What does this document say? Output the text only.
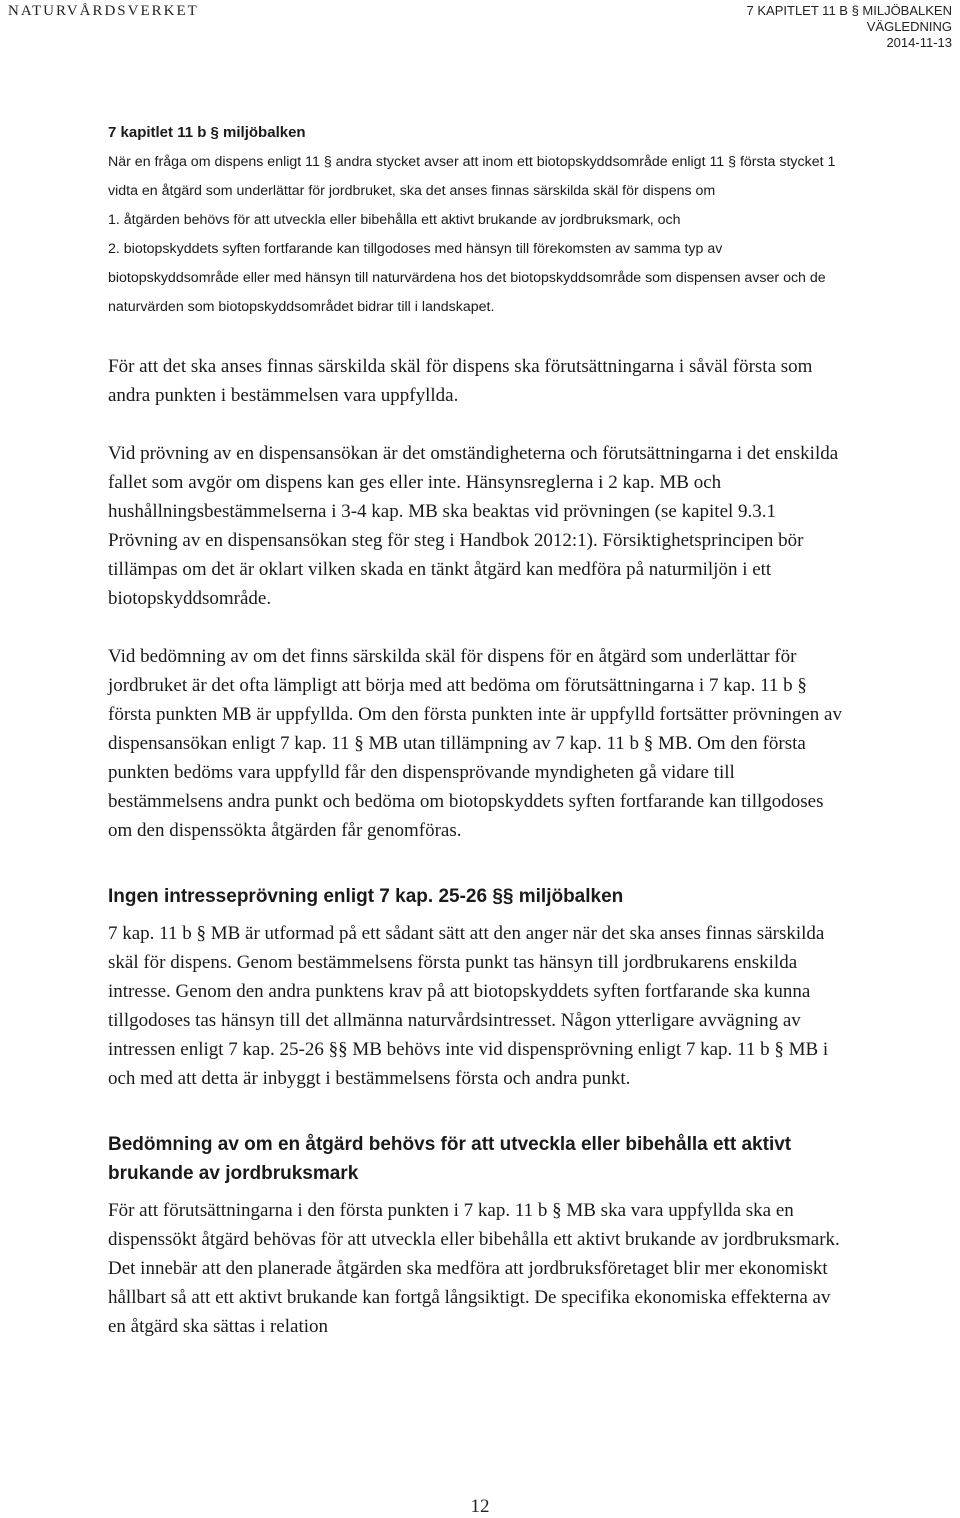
NATURVÅRDSVERKET	7 KAPITLET 11 B § MILJÖBALKEN
VÄGLEDNING
2014-11-13
7 kapitlet 11 b § miljöbalken

När en fråga om dispens enligt 11 § andra stycket avser att inom ett biotopskyddsområde enligt 11 § första stycket 1 vidta en åtgärd som underlättar för jordbruket, ska det anses finnas särskilda skäl för dispens om

1. åtgärden behövs för att utveckla eller bibehålla ett aktivt brukande av jordbruksmark, och

2. biotopskyddets syften fortfarande kan tillgodoses med hänsyn till förekomsten av samma typ av biotopskyddsområde eller med hänsyn till naturvärdena hos det biotopskyddsområde som dispensen avser och de naturvärden som biotopskyddsområdet bidrar till i landskapet.

För att det ska anses finnas särskilda skäl för dispens ska förutsättningarna i såväl första som andra punkten i bestämmelsen vara uppfyllda.

Vid prövning av en dispensansökan är det omständigheterna och förutsättningarna i det enskilda fallet som avgör om dispens kan ges eller inte. Hänsynsreglerna i 2 kap. MB och hushållningsbestämmelserna i 3-4 kap. MB ska beaktas vid prövningen (se kapitel 9.3.1 Prövning av en dispensansökan steg för steg i Handbok 2012:1). Försiktighetsprincipen bör tillämpas om det är oklart vilken skada en tänkt åtgärd kan medföra på naturmiljön i ett biotopskyddsområde.

Vid bedömning av om det finns särskilda skäl för dispens för en åtgärd som underlättar för jordbruket är det ofta lämpligt att börja med att bedöma om förutsättningarna i 7 kap. 11 b § första punkten MB är uppfyllda. Om den första punkten inte är uppfylld fortsätter prövningen av dispensansökan enligt 7 kap. 11 § MB utan tillämpning av 7 kap. 11 b § MB. Om den första punkten bedöms vara uppfylld får den dispensprövande myndigheten gå vidare till bestämmelsens andra punkt och bedöma om biotopskyddets syften fortfarande kan tillgodoses om den dispenssökta åtgärden får genomföras.

Ingen intresseprövning enligt 7 kap. 25-26 §§ miljöbalken

7 kap. 11 b § MB är utformad på ett sådant sätt att den anger när det ska anses finnas särskilda skäl för dispens. Genom bestämmelsens första punkt tas hänsyn till jordbrukarens enskilda intresse. Genom den andra punktens krav på att biotopskyddets syften fortfarande ska kunna tillgodoses tas hänsyn till det allmänna naturvårdsintresset. Någon ytterligare avvägning av intressen enligt 7 kap. 25-26 §§ MB behövs inte vid dispensprövning enligt 7 kap. 11 b § MB i och med att detta är inbyggt i bestämmelsens första och andra punkt.

Bedömning av om en åtgärd behövs för att utveckla eller bibehålla ett aktivt brukande av jordbruksmark

För att förutsättningarna i den första punkten i 7 kap. 11 b § MB ska vara uppfyllda ska en dispenssökt åtgärd behövas för att utveckla eller bibehålla ett aktivt brukande av jordbruksmark. Det innebär att den planerade åtgärden ska medföra att jordbruksföretaget blir mer ekonomiskt hållbart så att ett aktivt brukande kan fortgå långsiktigt. De specifika ekonomiska effekterna av en åtgärd ska sättas i relation

12
